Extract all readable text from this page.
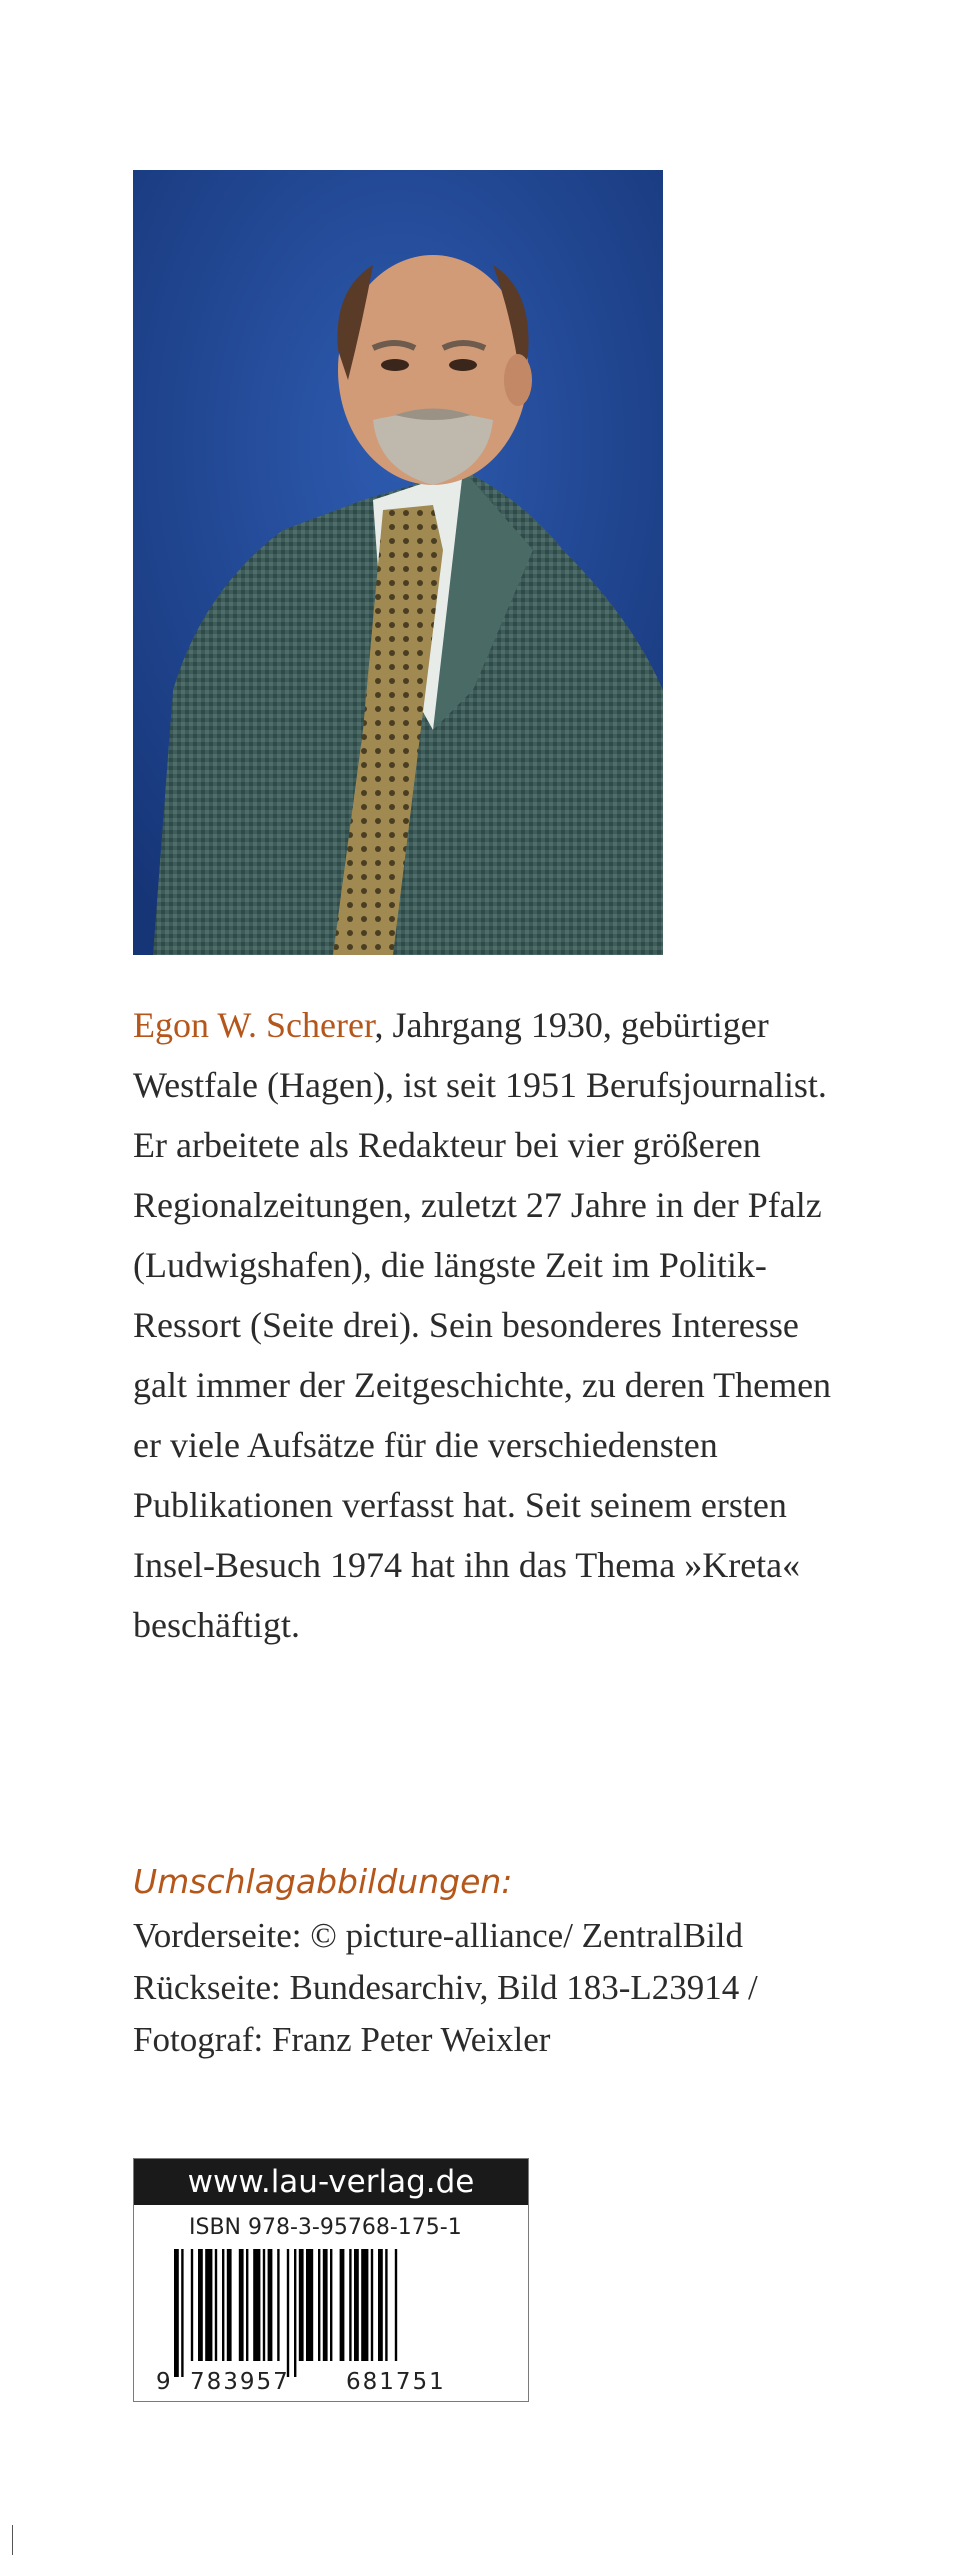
Egon W. Scherer, Jahrgang 1930, gebürtiger
Westfale (Hagen), ist seit 1951 Berufsjournalist.
Er arbeitete als Redakteur bei vier größeren
Regionalzeitungen, zuletzt 27 Jahre in der Pfalz
(Ludwigshafen), die längste Zeit im Politik-
Ressort (Seite drei). Sein besonderes Interesse
galt immer der Zeitgeschichte, zu deren Themen
er viele Aufsätze für die verschiedensten
Publikationen verfasst hat. Seit seinem ersten
Insel-Besuch 1974 hat ihn das Thema »Kreta«
beschäftigt.

Umschlagabbildungen:
Vorderseite: © picture-alliance/ ZentralBild
Rückseite: Bundesarchiv, Bild 183-L23914 /
Fotograf: Franz Peter Weixler
www.lau-verlag.de
ISBN 978-3-95768-175-1
9 783957 681751
